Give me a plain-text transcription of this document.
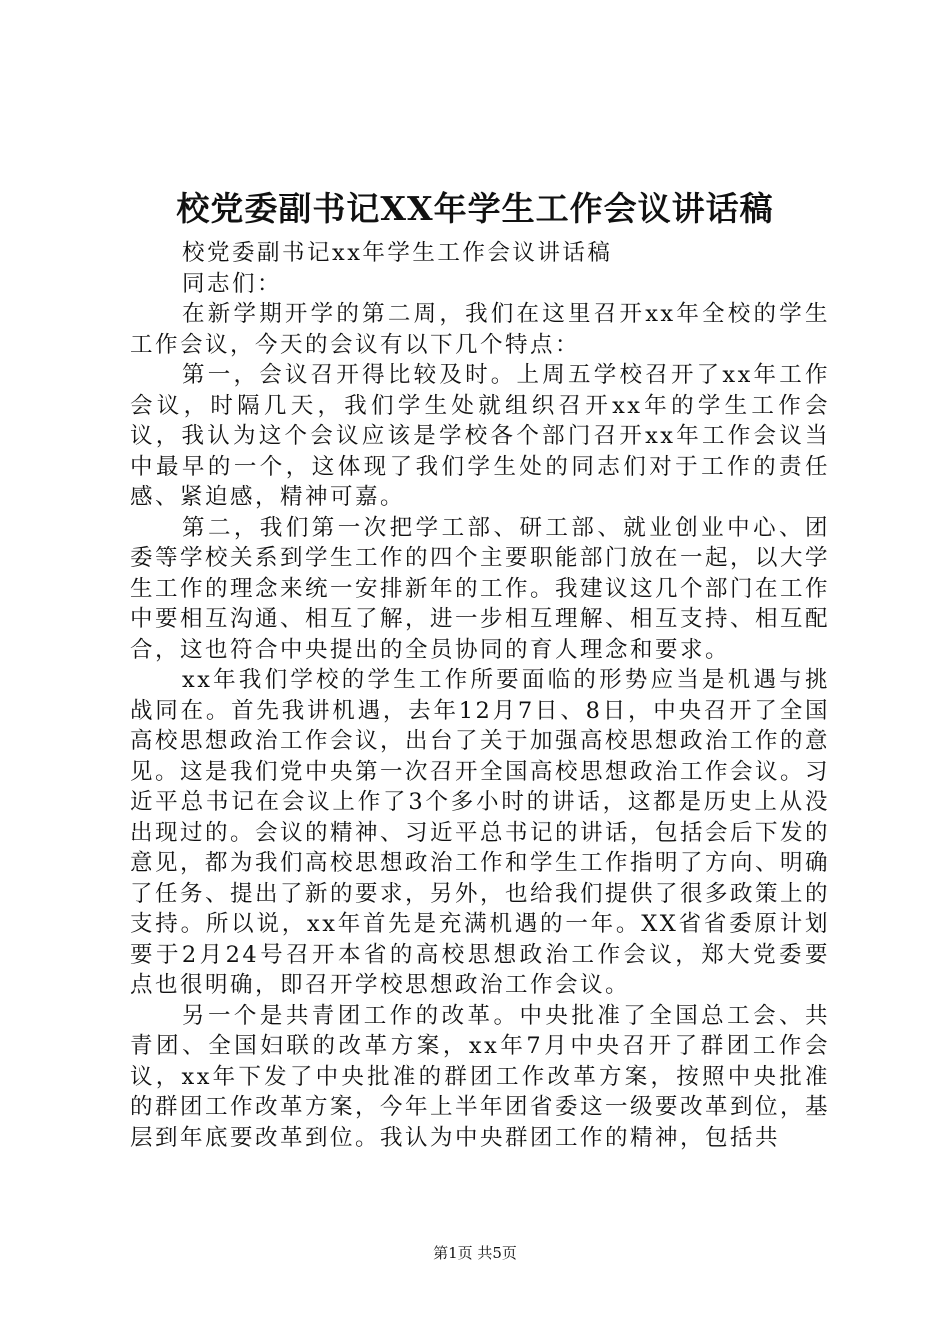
校党委副书记XX年学生工作会议讲话稿

校党委副书记xx年学生工作会议讲话稿

同志们：

在新学期开学的第二周，我们在这里召开xx年全校的学生工作会议，今天的会议有以下几个特点：

第一，会议召开得比较及时。上周五学校召开了xx年工作会议，时隔几天，我们学生处就组织召开xx年的学生工作会议，我认为这个会议应该是学校各个部门召开xx年工作会议当中最早的一个，这体现了我们学生处的同志们对于工作的责任感、紧迫感，精神可嘉。

第二，我们第一次把学工部、研工部、就业创业中心、团委等学校关系到学生工作的四个主要职能部门放在一起，以大学生工作的理念来统一安排新年的工作。我建议这几个部门在工作中要相互沟通、相互了解，进一步相互理解、相互支持、相互配合，这也符合中央提出的全员协同的育人理念和要求。

xx年我们学校的学生工作所要面临的形势应当是机遇与挑战同在。首先我讲机遇，去年12月7日、8日，中央召开了全国高校思想政治工作会议，出台了关于加强高校思想政治工作的意见。这是我们党中央第一次召开全国高校思想政治工作会议。习近平总书记在会议上作了3个多小时的讲话，这都是历史上从没出现过的。会议的精神、习近平总书记的讲话，包括会后下发的意见，都为我们高校思想政治工作和学生工作指明了方向、明确了任务、提出了新的要求，另外，也给我们提供了很多政策上的支持。所以说，xx年首先是充满机遇的一年。XX省省委原计划要于2月24号召开本省的高校思想政治工作会议，郑大党委要点也很明确，即召开学校思想政治工作会议。

另一个是共青团工作的改革。中央批准了全国总工会、共青团、全国妇联的改革方案，xx年7月中央召开了群团工作会议，xx年下发了中央批准的群团工作改革方案，按照中央批准的群团工作改革方案，今年上半年团省委这一级要改革到位，基层到年底要改革到位。我认为中央群团工作的精神，包括共

第1页 共5页
